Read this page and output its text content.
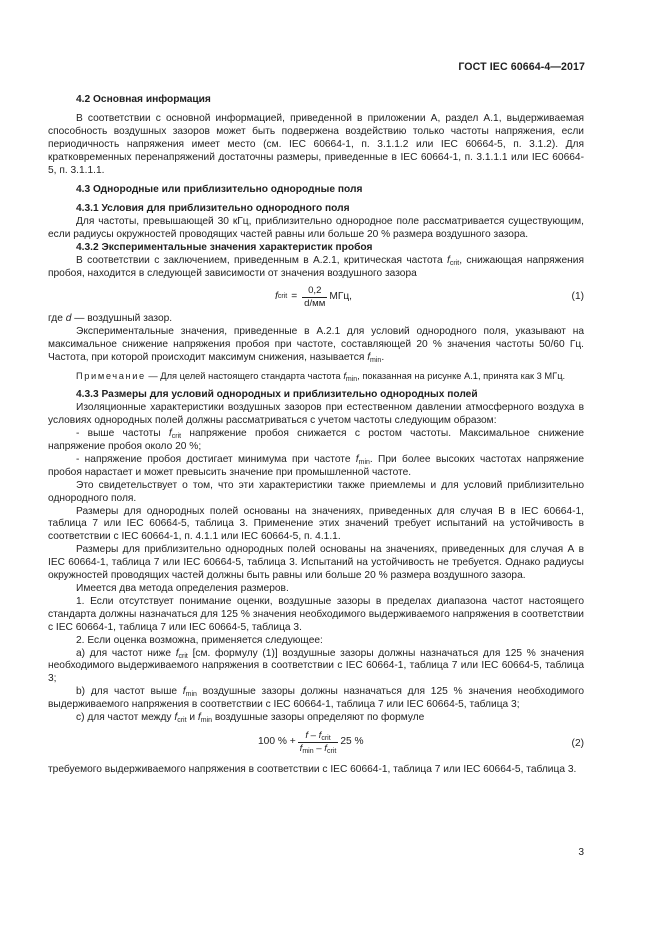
ГОСТ IEC 60664-4—2017

4.2 Основная информация

В соответствии с основной информацией, приведенной в приложении А, раздел А.1, выдерживаемая способность воздушных зазоров может быть подвержена воздействию только частоты напряжения, если периодичность напряжения имеет место (см. IEC 60664-1, п. 3.1.1.2 или IEC 60664-5, п. 3.1.2). Для кратковременных перенапряжений достаточны размеры, приведенные в IEC 60664-1, п. 3.1.1.1 или IEC 60664-5, п. 3.1.1.1.

4.3 Однородные или приблизительно однородные поля

4.3.1 Условия для приблизительно однородного поля

Для частоты, превышающей 30 кГц, приблизительно однородное поле рассматривается существующим, если радиусы окружностей проводящих частей равны или больше 20 % размера воздушного зазора.

4.3.2 Экспериментальные значения характеристик пробоя

В соответствии с заключением, приведенным в А.2.1, критическая частота $f_{crit}$, снижающая напряжения пробоя, находится в следующей зависимости от значения воздушного зазора

f crit = $\frac{0,2}{d/мм}$ МГц,	(1)

где d — воздушный зазор.

Экспериментальные значения, приведенные в А.2.1 для условий однородного поля, указывают на максимальное снижение напряжения пробоя при частоте, составляющей 20 % значения частоты 50/60 Гц. Частота, при которой происходит максимум снижения, называется $f_{min}$.

Примечание — Для целей настоящего стандарта частота $f_{min}$, показанная на рисунке А.1, принята как 3 МГц.

4.3.3 Размеры для условий однородных и приблизительно однородных полей

Изоляционные характеристики воздушных зазоров при естественном давлении атмосферного воздуха в условиях однородных полей должны рассматриваться с учетом частоты следующим образом:

- выше частоты $f_{crit}$ напряжение пробоя снижается с ростом частоты. Максимальное снижение напряжение пробоя около 20 %;

- напряжение пробоя достигает минимума при частоте $f_{min}$. При более высоких частотах напряжение пробоя нарастает и может превысить значение при промышленной частоте.

Это свидетельствует о том, что эти характеристики также приемлемы и для условий приблизительно однородного поля.

Размеры для однородных полей основаны на значениях, приведенных для случая В в IEC 60664-1, таблица 7 или IEC 60664-5, таблица 3. Применение этих значений требует испытаний на устойчивость в соответствии с IEC 60664-1, п. 4.1.1 или IEC 60664-5, п. 4.1.1.

Размеры для приблизительно однородных полей основаны на значениях, приведенных для случая А в IEC 60664-1, таблица 7 или IEC 60664-5, таблица 3. Испытаний на устойчивость не требуется. Однако радиусы окружностей проводящих частей должны быть равны или больше 20 % размера воздушного зазора.

Имеется два метода определения размеров.

1. Если отсутствует понимание оценки, воздушные зазоры в пределах диапазона частот настоящего стандарта должны назначаться для 125 % значения необходимого выдерживаемого напряжения в соответствии с IEC 60664-1, таблица 7 или IEC 60664-5, таблица 3.

2. Если оценка возможна, применяется следующее:

a) для частот ниже $f_{crit}$ [см. формулу (1)] воздушные зазоры должны назначаться для 125 % значения необходимого выдерживаемого напряжения в соответствии с IEC 60664-1, таблица 7 или IEC 60664-5, таблица 3;

b) для частот выше $f_{min}$ воздушные зазоры должны назначаться для 125 % значения необходимого выдерживаемого напряжения в соответствии с IEC 60664-1, таблица 7 или IEC 60664-5, таблица 3;

c) для частот между $f_{crit}$ и $f_{min}$ воздушные зазоры определяют по формуле

100 % + $\frac{f - f_{crit}}{f_{min} - f_{crit}} 25$ %	(2)

требуемого выдерживаемого напряжения в соответствии с IEC 60664-1, таблица 7 или IEC 60664-5, таблица 3.

3
